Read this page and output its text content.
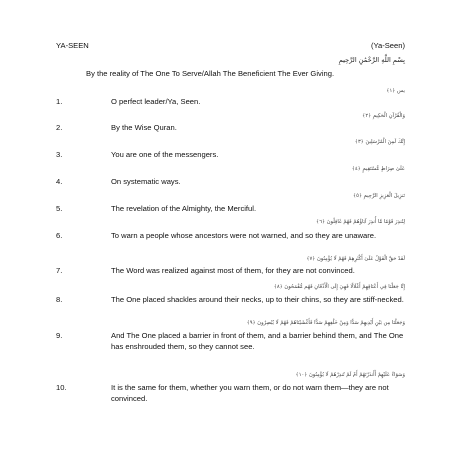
YA-SEEN	(Ya-Seen)
بِسْمِ اللَّهِ الرَّحْمَٰنِ الرَّحِيمِ
By the reality of The One To Serve/Allah The Beneficient The Ever Giving.
يس ﴿١﴾
1.	O perfect leader/Ya, Seen.
وَالْقُرْآنِ الْحَكِيمِ ﴿٢﴾
2.	By the Wise Quran.
إِنَّكَ لَمِنَ الْمُرْسَلِينَ ﴿٣﴾
3.	You are one of the messengers.
عَلَىٰ صِرَاطٍ مُّسْتَقِيمٍ ﴿٤﴾
4.	On systematic ways.
تَنزِيلَ الْعَزِيزِ الرَّحِيمِ ﴿٥﴾
5.	The revelation of the Almighty, the Merciful.
لِتُنذِرَ قَوْمًا مَّا أُنذِرَ آبَاؤُهُمْ فَهُمْ غَافِلُونَ ﴿٦﴾
6.	To warn a people whose ancestors were not warned, and so they are unaware.
لَقَدْ حَقَّ الْقَوْلُ عَلَىٰ أَكْثَرِهِمْ فَهُمْ لَا يُؤْمِنُونَ ﴿٧﴾
7.	The Word was realized against most of them, for they are not convinced.
إِنَّا جَعَلْنَا فِي أَعْنَاقِهِمْ أَغْلَالًا فَهِيَ إِلَى الْأَذْقَانِ فَهُم مُّقْمَحُونَ ﴿٨﴾
8.	The One placed shackles around their necks, up to their chins, so they are stiff-necked.
وَجَعَلْنَا مِن بَيْنِ أَيْدِيهِمْ سَدًّا وَمِنْ خَلْفِهِمْ سَدًّا فَأَغْشَيْنَاهُمْ فَهُمْ لَا يُبْصِرُونَ ﴿٩﴾
9.	And The One placed a barrier in front of them, and a barrier behind them, and The One has enshrouded them, so they cannot see.
وَسَوَاءٌ عَلَيْهِمْ أَأَنذَرْتَهُمْ أَمْ لَمْ تُنذِرْهُمْ لَا يُؤْمِنُونَ ﴿١٠﴾
10.	It is the same for them, whether you warn them, or do not warn them—they are not convinced.
